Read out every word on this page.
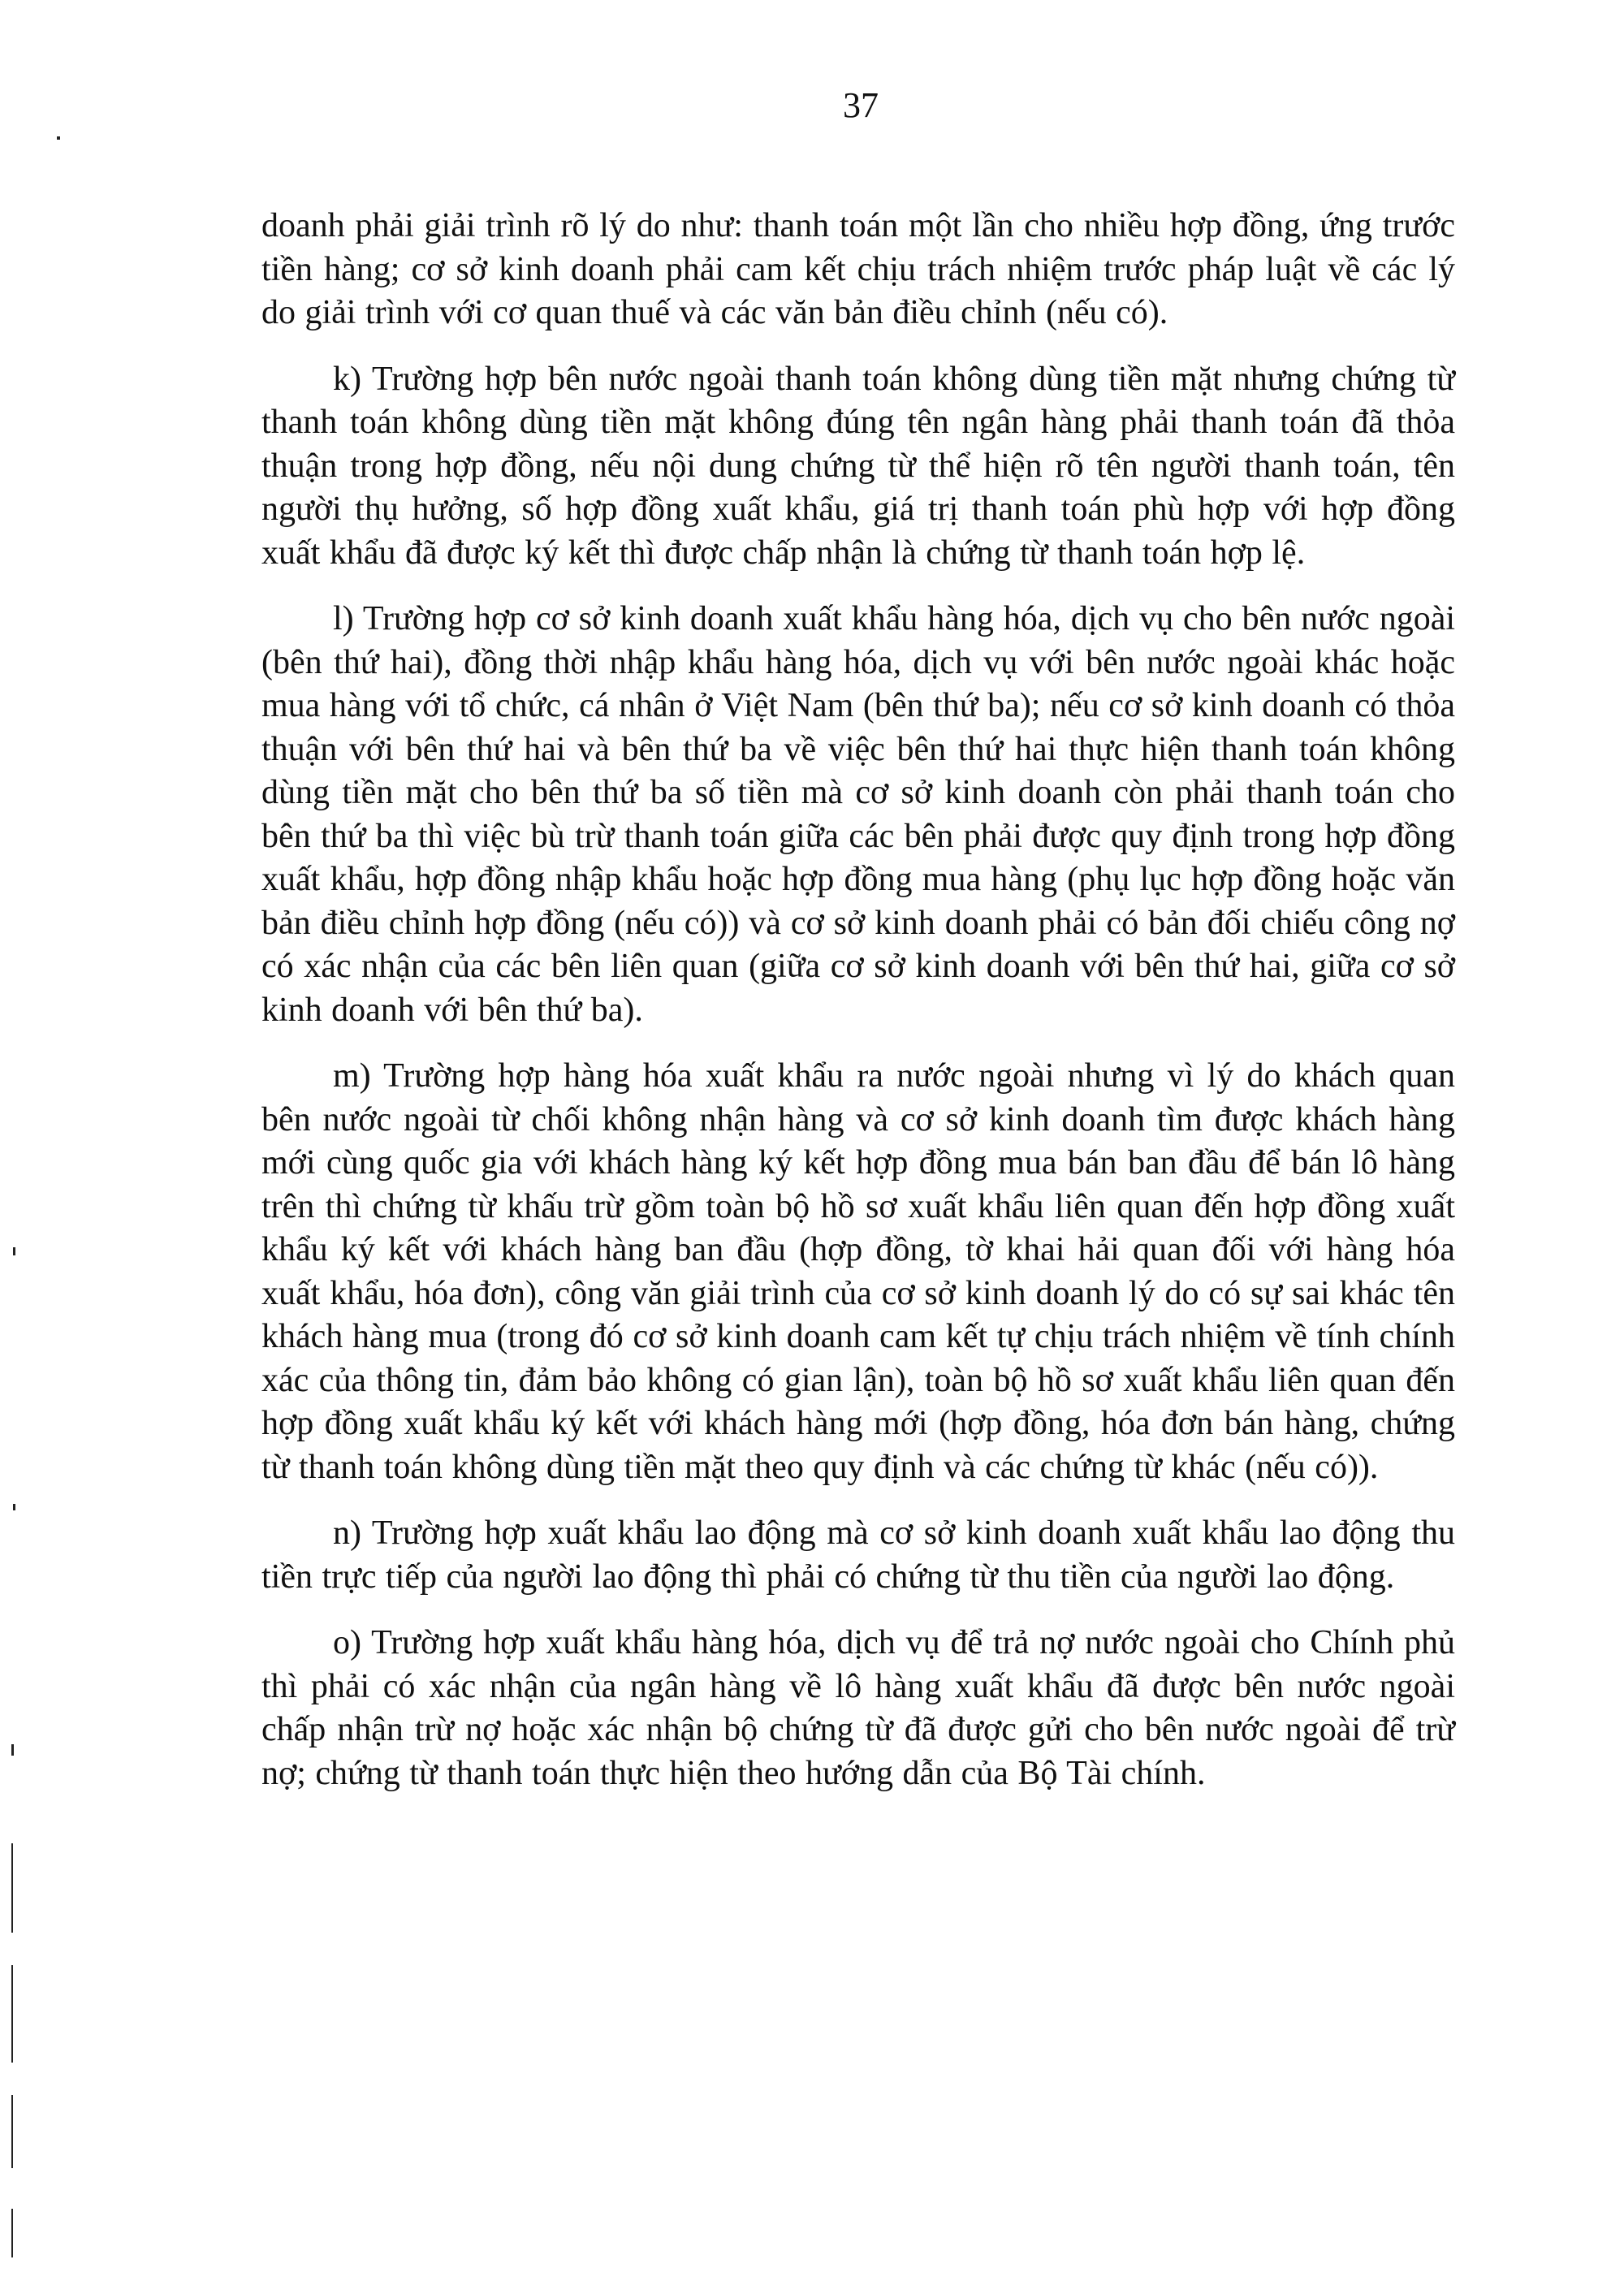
37

doanh phải giải trình rõ lý do như: thanh toán một lần cho nhiều hợp đồng, ứng trước tiền hàng; cơ sở kinh doanh phải cam kết chịu trách nhiệm trước pháp luật về các lý do giải trình với cơ quan thuế và các văn bản điều chỉnh (nếu có).

k) Trường hợp bên nước ngoài thanh toán không dùng tiền mặt nhưng chứng từ thanh toán không dùng tiền mặt không đúng tên ngân hàng phải thanh toán đã thỏa thuận trong hợp đồng, nếu nội dung chứng từ thể hiện rõ tên người thanh toán, tên người thụ hưởng, số hợp đồng xuất khẩu, giá trị thanh toán phù hợp với hợp đồng xuất khẩu đã được ký kết thì được chấp nhận là chứng từ thanh toán hợp lệ.

l) Trường hợp cơ sở kinh doanh xuất khẩu hàng hóa, dịch vụ cho bên nước ngoài (bên thứ hai), đồng thời nhập khẩu hàng hóa, dịch vụ với bên nước ngoài khác hoặc mua hàng với tổ chức, cá nhân ở Việt Nam (bên thứ ba); nếu cơ sở kinh doanh có thỏa thuận với bên thứ hai và bên thứ ba về việc bên thứ hai thực hiện thanh toán không dùng tiền mặt cho bên thứ ba số tiền mà cơ sở kinh doanh còn phải thanh toán cho bên thứ ba thì việc bù trừ thanh toán giữa các bên phải được quy định trong hợp đồng xuất khẩu, hợp đồng nhập khẩu hoặc hợp đồng mua hàng (phụ lục hợp đồng hoặc văn bản điều chỉnh hợp đồng (nếu có)) và cơ sở kinh doanh phải có bản đối chiếu công nợ có xác nhận của các bên liên quan (giữa cơ sở kinh doanh với bên thứ hai, giữa cơ sở kinh doanh với bên thứ ba).

m) Trường hợp hàng hóa xuất khẩu ra nước ngoài nhưng vì lý do khách quan bên nước ngoài từ chối không nhận hàng và cơ sở kinh doanh tìm được khách hàng mới cùng quốc gia với khách hàng ký kết hợp đồng mua bán ban đầu để bán lô hàng trên thì chứng từ khấu trừ gồm toàn bộ hồ sơ xuất khẩu liên quan đến hợp đồng xuất khẩu ký kết với khách hàng ban đầu (hợp đồng, tờ khai hải quan đối với hàng hóa xuất khẩu, hóa đơn), công văn giải trình của cơ sở kinh doanh lý do có sự sai khác tên khách hàng mua (trong đó cơ sở kinh doanh cam kết tự chịu trách nhiệm về tính chính xác của thông tin, đảm bảo không có gian lận), toàn bộ hồ sơ xuất khẩu liên quan đến hợp đồng xuất khẩu ký kết với khách hàng mới (hợp đồng, hóa đơn bán hàng, chứng từ thanh toán không dùng tiền mặt theo quy định và các chứng từ khác (nếu có)).

n) Trường hợp xuất khẩu lao động mà cơ sở kinh doanh xuất khẩu lao động thu tiền trực tiếp của người lao động thì phải có chứng từ thu tiền của người lao động.

o) Trường hợp xuất khẩu hàng hóa, dịch vụ để trả nợ nước ngoài cho Chính phủ thì phải có xác nhận của ngân hàng về lô hàng xuất khẩu đã được bên nước ngoài chấp nhận trừ nợ hoặc xác nhận bộ chứng từ đã được gửi cho bên nước ngoài để trừ nợ; chứng từ thanh toán thực hiện theo hướng dẫn của Bộ Tài chính.
